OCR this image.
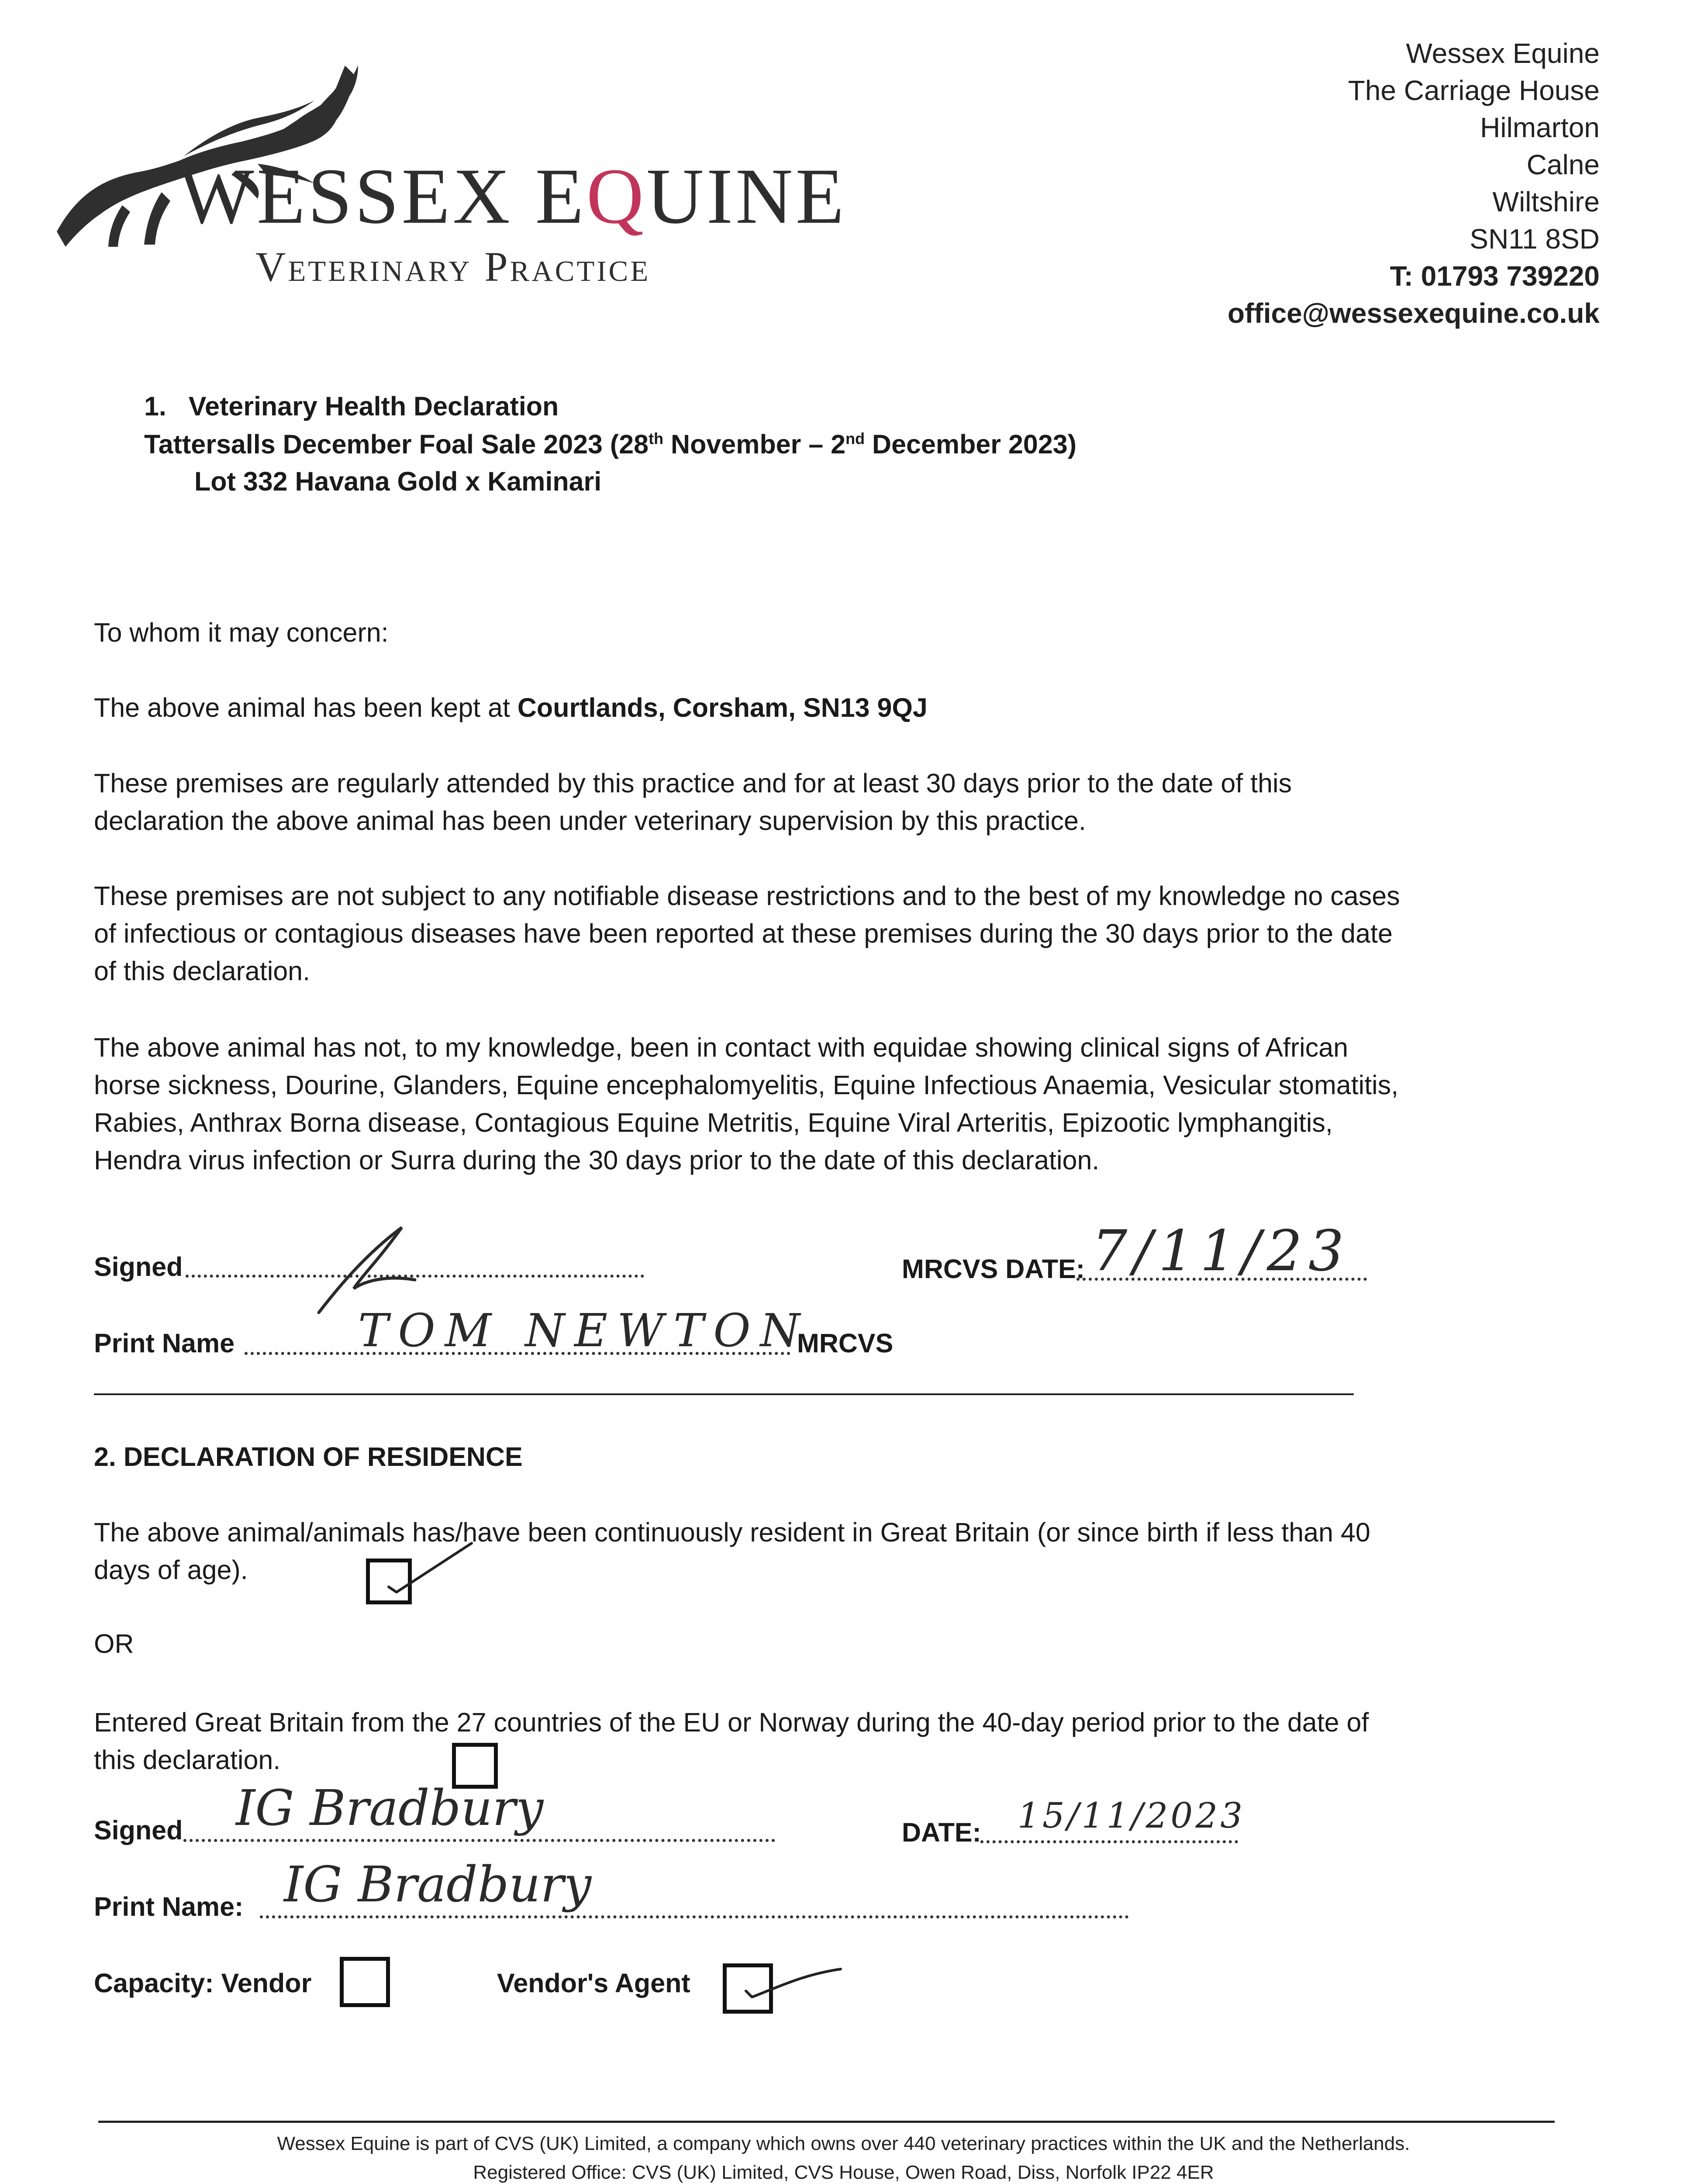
WESSEX EQUINE
Veterinary Practice
Wessex Equine
The Carriage House
Hilmarton
Calne
Wiltshire
SN11 8SD
T: 01793 739220
office@wessexequine.co.uk
1. Veterinary Health Declaration
Tattersalls December Foal Sale 2023 (28th November – 2nd December 2023)
Lot 332 Havana Gold x Kaminari
To whom it may concern:
The above animal has been kept at Courtlands, Corsham, SN13 9QJ
These premises are regularly attended by this practice and for at least 30 days prior to the date of this declaration the above animal has been under veterinary supervision by this practice.
These premises are not subject to any notifiable disease restrictions and to the best of my knowledge no cases of infectious or contagious diseases have been reported at these premises during the 30 days prior to the date of this declaration.
The above animal has not, to my knowledge, been in contact with equidae showing clinical signs of African horse sickness, Dourine, Glanders, Equine encephalomyelitis, Equine Infectious Anaemia, Vesicular stomatitis, Rabies, Anthrax Borna disease, Contagious Equine Metritis, Equine Viral Arteritis, Epizootic lymphangitis, Hendra virus infection or Surra during the 30 days prior to the date of this declaration.
Signed	MRCVS DATE: 7/11/23
Print Name	TOM NEWTON
MRCVS
2. DECLARATION OF RESIDENCE
The above animal/animals has/have been continuously resident in Great Britain (or since birth if less than 40 days of age).
OR
Entered Great Britain from the 27 countries of the EU or Norway during the 40-day period prior to the date of this declaration.
Signed IG Bradbury	DATE: 15/11/2023
Print Name: IG Bradbury
Capacity: Vendor	Vendor's Agent
Wessex Equine is part of CVS (UK) Limited, a company which owns over 440 veterinary practices within the UK and the Netherlands.
Registered Office: CVS (UK) Limited, CVS House, Owen Road, Diss, Norfolk IP22 4ER
